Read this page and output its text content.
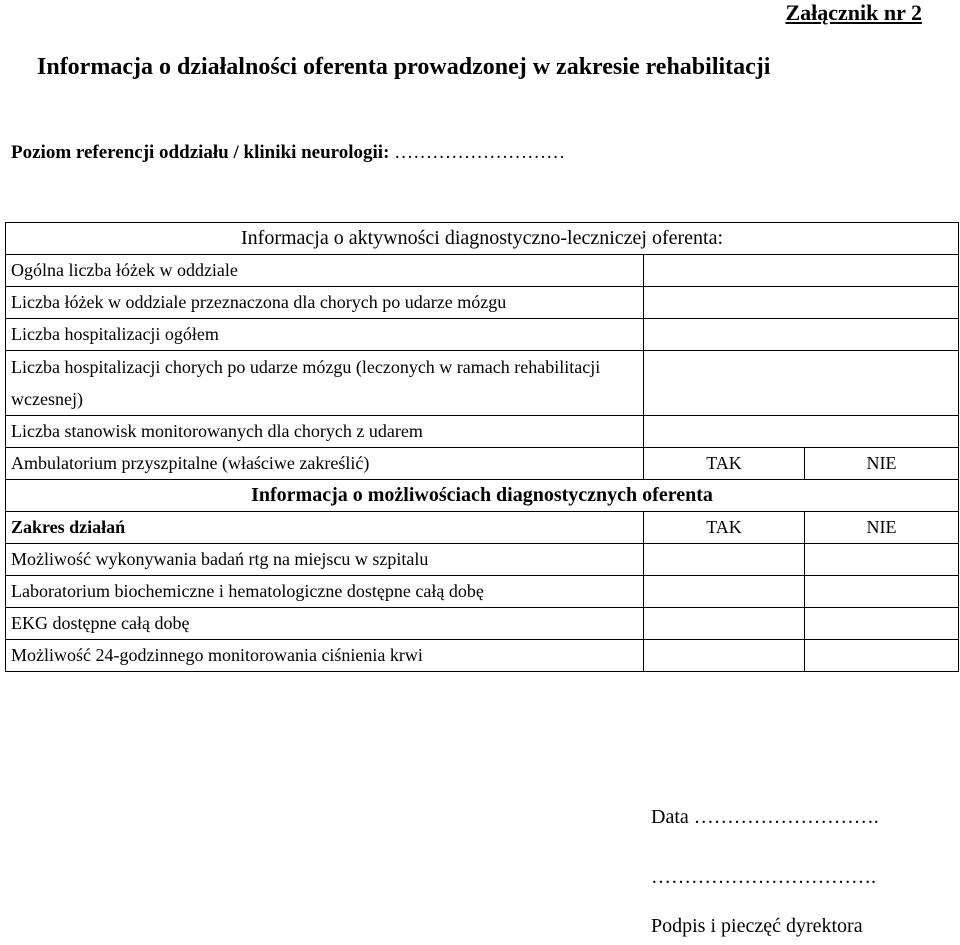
Załącznik nr 2
Informacja o działalności oferenta prowadzonej w zakresie rehabilitacji
Poziom referencji oddziału / kliniki neurologii: ………………………
Informacja o aktywności diagnostyczno-leczniczej oferenta:		
Ogólna liczba łóżek w oddziale		
Liczba łóżek w oddziale przeznaczona dla chorych po udarze mózgu		
Liczba hospitalizacji ogółem		
Liczba hospitalizacji chorych po udarze mózgu (leczonych w ramach rehabilitacji wczesnej)		
Liczba stanowisk monitorowanych dla chorych z udarem		
Ambulatorium przyszpitalne (właściwe zakreślić)	TAK	NIE
Informacja o możliwościach diagnostycznych oferenta		
Zakres działań	TAK	NIE
Możliwość wykonywania badań rtg na miejscu w szpitalu		
Laboratorium biochemiczne i hematologiczne dostępne całą dobę		
EKG dostępne całą dobę		
Możliwość 24-godzinnego monitorowania ciśnienia krwi		
Data ……………………….
…………………………….
Podpis i pieczęć dyrektora
